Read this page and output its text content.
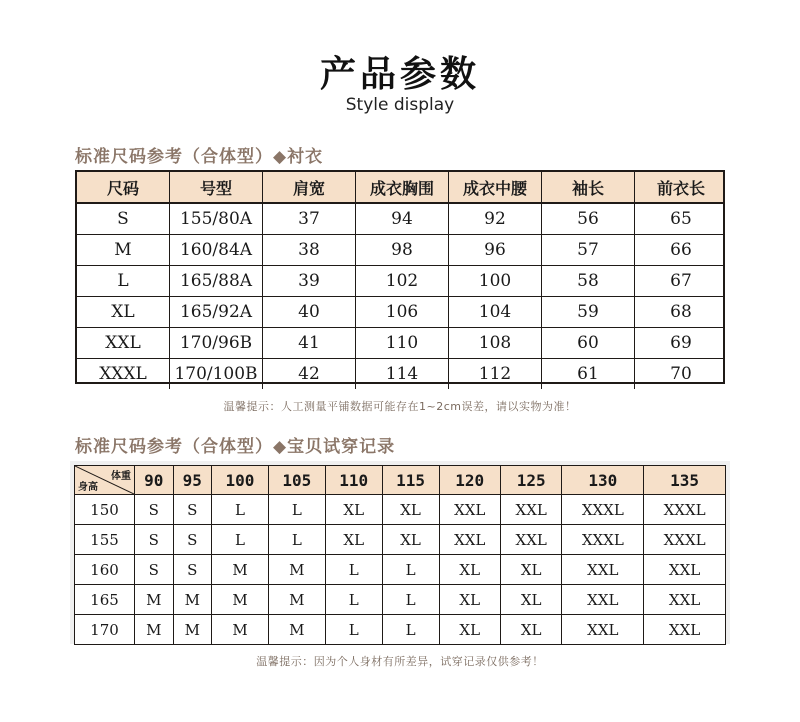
产品参数
Style display
标准尺码参考（合体型）◆衬衣
尺码	号型	肩宽	成衣胸围	成衣中腰	袖长	前衣长
S	155/80A	37	94	92	56	65
M	160/84A	38	98	96	57	66
L	165/88A	39	102	100	58	67
XL	165/92A	40	106	104	59	68
XXL	170/96B	41	110	108	60	69
XXXL	170/100B	42	114	112	61	70
温馨提示：人工测量平铺数据可能存在1~2cm误差，请以实物为准！
标准尺码参考（合体型）◆宝贝试穿记录
体重
身高	90	95	100	105	110	115	120	125	130	135
150	S	S	L	L	XL	XL	XXL	XXL	XXXL	XXXL
155	S	S	L	L	XL	XL	XXL	XXL	XXXL	XXXL
160	S	S	M	M	L	L	XL	XL	XXL	XXL
165	M	M	M	M	L	L	XL	XL	XXL	XXL
170	M	M	M	M	L	L	XL	XL	XXL	XXL
温馨提示：因为个人身材有所差异，试穿记录仅供参考！
